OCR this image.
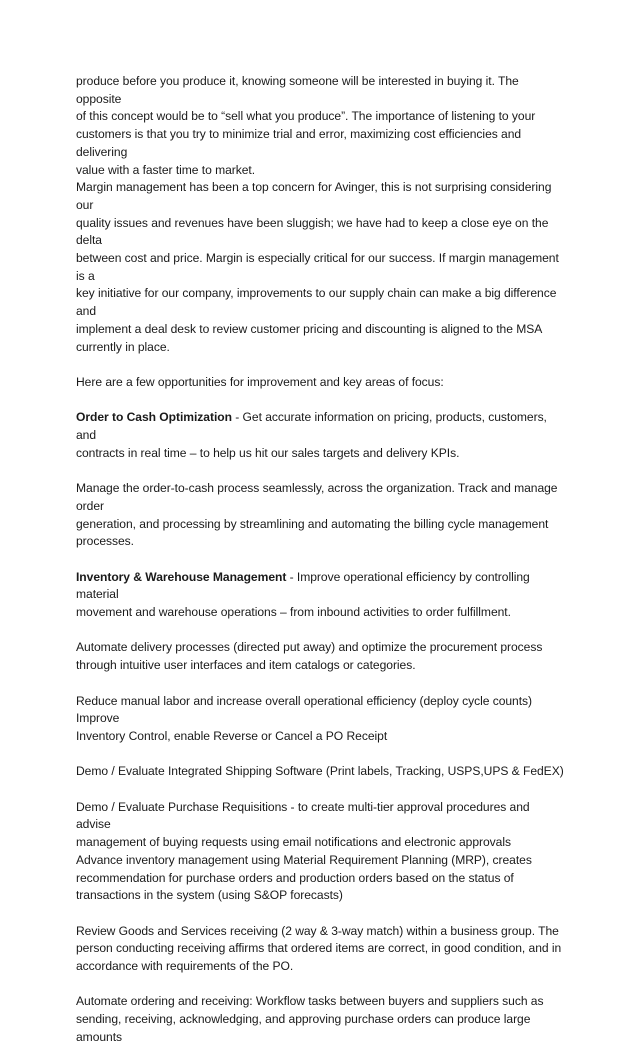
produce before you produce it, knowing someone will be interested in buying it. The opposite
of this concept would be to “sell what you produce”. The importance of listening to your
customers is that you try to minimize trial and error, maximizing cost efficiencies and delivering
value with a faster time to market.
Margin management has been a top concern for Avinger, this is not surprising considering our
quality issues and revenues have been sluggish; we have had to keep a close eye on the delta
between cost and price. Margin is especially critical for our success. If margin management is a
key initiative for our company, improvements to our supply chain can make a big difference and
implement a deal desk to review customer pricing and discounting is aligned to the MSA
currently in place.

Here are a few opportunities for improvement and key areas of focus:

Order to Cash Optimization - Get accurate information on pricing, products, customers, and
contracts in real time – to help us hit our sales targets and delivery KPIs.

Manage the order-to-cash process seamlessly, across the organization. Track and manage order
generation, and processing by streamlining and automating the billing cycle management
processes.

Inventory & Warehouse Management - Improve operational efficiency by controlling material
movement and warehouse operations – from inbound activities to order fulfillment.

Automate delivery processes (directed put away) and optimize the procurement process
through intuitive user interfaces and item catalogs or categories.

Reduce manual labor and increase overall operational efficiency (deploy cycle counts) Improve
Inventory Control, enable Reverse or Cancel a PO Receipt

Demo / Evaluate Integrated Shipping Software (Print labels, Tracking, USPS,UPS & FedEX)

Demo / Evaluate Purchase Requisitions - to create multi-tier approval procedures and advise
management of buying requests using email notifications and electronic approvals
Advance inventory management using Material Requirement Planning (MRP), creates
recommendation for purchase orders and production orders based on the status of
transactions in the system (using S&OP forecasts)

Review Goods and Services receiving (2 way & 3-way match) within a business group. The
person conducting receiving affirms that ordered items are correct, in good condition, and in
accordance with requirements of the PO.

Automate ordering and receiving: Workflow tasks between buyers and suppliers such as
sending, receiving, acknowledging, and approving purchase orders can produce large amounts
